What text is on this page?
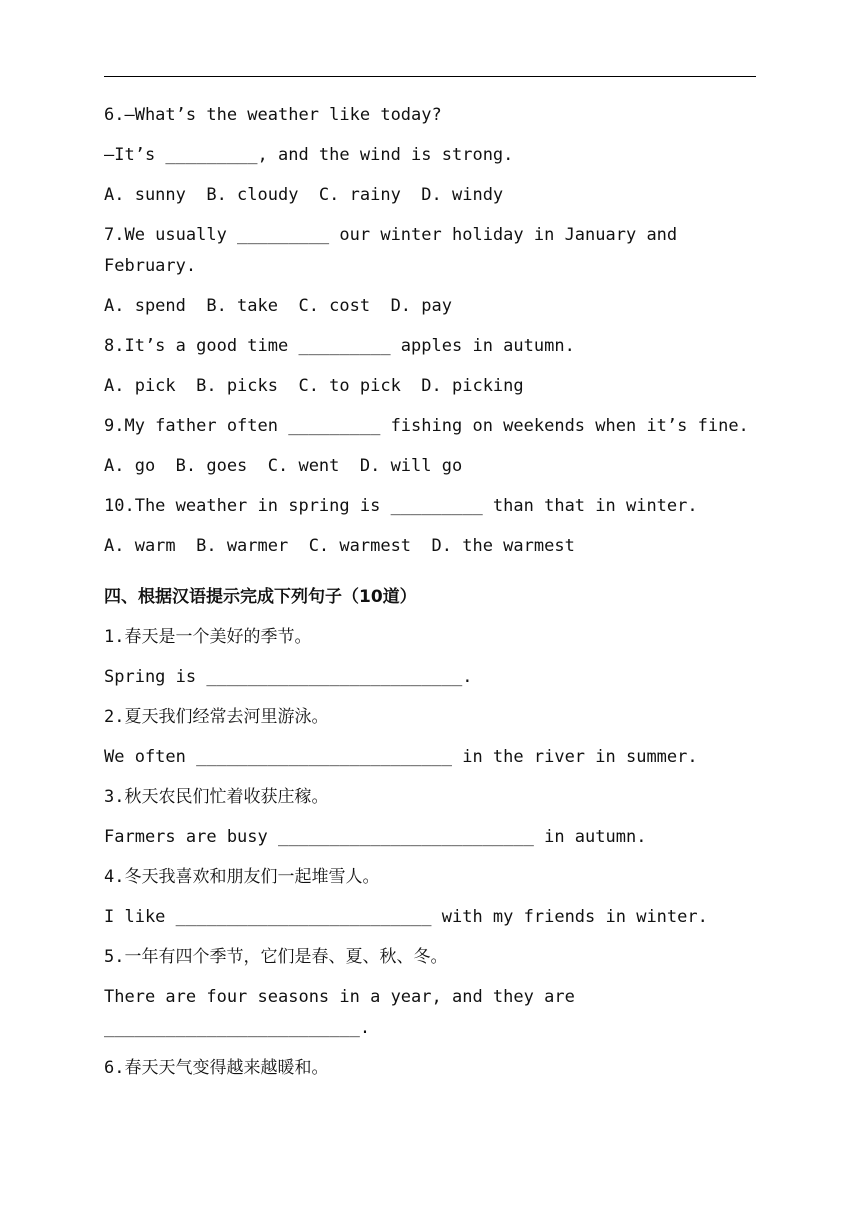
6.—What’s the weather like today?
—It’s _________, and the wind is strong.
A. sunny  B. cloudy  C. rainy  D. windy
7.We usually _________ our winter holiday in January and
February.
A. spend  B. take  C. cost  D. pay
8.It’s a good time _________ apples in autumn.
A. pick  B. picks  C. to pick  D. picking
9.My father often _________ fishing on weekends when it’s fine.
A. go  B. goes  C. went  D. will go
10.The weather in spring is _________ than that in winter.
A. warm  B. warmer  C. warmest  D. the warmest
四、根据汉语提示完成下列句子（10道）
1.春天是一个美好的季节。
Spring is _________________________.
2.夏天我们经常去河里游泳。
We often _________________________ in the river in summer.
3.秋天农民们忙着收获庄稼。
Farmers are busy _________________________ in autumn.
4.冬天我喜欢和朋友们一起堆雪人。
I like _________________________ with my friends in winter.
5.一年有四个季节，它们是春、夏、秋、冬。
There are four seasons in a year, and they are
_________________________.
6.春天天气变得越来越暖和。
